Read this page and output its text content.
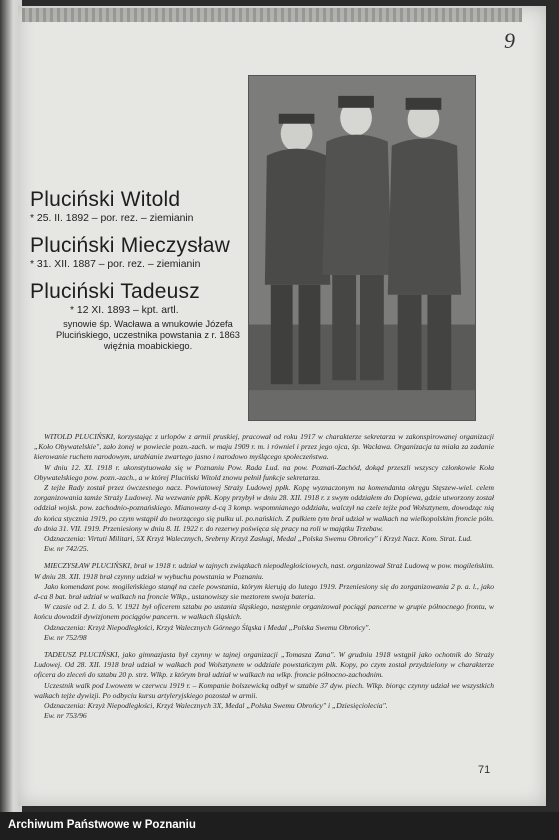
9
Pluciński Witold
* 25. II. 1892 – por. rez. – ziemianin
Pluciński Mieczysław
* 31. XII. 1887 – por. rez. – ziemianin
Pluciński Tadeusz
* 12 XI. 1893 – kpt. artl.
synowie śp. Wacława a wnukowie Józefa Plucińskiego, uczestnika powstania z r. 1863 więźnia moabickiego.

WITOLD PLUCIŃSKI, korzystając z urlopów z armii pruskiej, pracował od roku 1917 w charakterze sekretarza w zakonspirowanej organizacji „Koło Obywatelskie", zało żonej w powiecie pozn.-zach. w maju 1909 r. m. i równiel i przez jego ojca, śp. Wacława. Organizacja ta miała za zadanie kierowanie ruchem narodowym, urabianie zwartego jasno i narodowo myślącego społeczeństwa.

W dniu 12. XI. 1918 r. ukonstytuowała się w Poznaniu Pow. Rada Lud. na pow. Poznań-Zachód, dokąd przeszli wszyscy członkowie Koła Obywatelskiego pow. pozn.-zach., a w której Pluciński Witold znowu pełnił funkcje sekretarza.

Z tejże Rady został przez ówczesnego nacz. Powiatowej Straży Ludowej ppłk. Kopę wyznaczonym na komendanta okręgu Stęszew-wiel. celem zorganizowania tamże Straży Ludowej. Na wezwanie ppłk. Kopy przybył w dniu 28. XII. 1918 r. z swym oddziałem do Dopiewa, gdzie utworzony został oddział wojsk. pow. zachodnio-poznańskiego. Mianowany d-cą 3 komp. wspomnianego oddziału, walczył na czele tejże pod Wolsztynem, dowodząc nią do końca stycznia 1919, po czym wstąpił do tworzącego się pułku ul. po.nańskich. Z pułkiem tym brał udział w walkach na wielkopolskim froncie półn. do dnia 31. VII. 1919. Przeniesiony w dniu 8. II. 1922 r. do rezerwy poświęca się pracy na roli w majątku Trzebaw.

Odznaczenia: Virtuti Militari, 5X Krzyż Walecznych, Srebrny Krzyż Zasługi, Medal „Polska Swemu Obrońcy" i Krzyż Nacz. Kom. Strat. Lud.

Ew. nr 742/25.

MIECZYSŁAW PLUCIŃSKI, brał w 1918 r. udział w tajnych związkach niepodległościowych, nast. organizował Straż Ludową w pow. mogileńskim. W dniu 28. XII. 1918 brał czynny udział w wybuchu powstania w Poznaniu.

Jako komendant pow. mogileńskiego stanął na czele powstania, którym kierują do lutego 1919. Przeniesiony się do zorganizowania 2 p. a. l., jako d-ca 8 bat. brał udział w walkach na froncie Wlkp., ustanowiszy sie meztorem swoja bateria.

W czasie od 2. I. do 5. V. 1921 był oficerem sztabu po ustania śląskiego, następnie organizował pociągi pancerne w grupie północnego frontu, w końcu dowodził dywizjonem pociągów pancern. w walkach śląskich.

Odznaczenia: Krzyż Niepodległości, Krzyż Walecznych Górnego Śląska i Medal „Polska Swemu Obrońcy".

Ew. nr 752/98

TADEUSZ PLUCIŃSKI, jako gimnazjasta był czynny w tajnej organizacji „Tomasza Zana". W grudniu 1918 wstąpił jako ochotnik do Straży Ludowej. Od 28. XII. 1918 brał udział w walkach pod Wolsztynem w oddziale powstańczym plk. Kopy, po czym został przydzielony w charakterze oficera do zleceń do sztabu 20 p. strz. Wlkp. z którym brał udział w walkach na wlkp. froncie północno-zachodnim.

Uczestnik walk pod Lwowem w czerwcu 1919 r. – Kompanie bolszewicką odbył w sztabie 37 dyw. piech. Wlkp. biorąc czynny udział we wszystkich walkach tejże dywizji. Po odbyciu kursu artyleryjskiego pozostał w armii.

Odznaczenia: Krzyż Niepodległości, Krzyż Walecznych 3X, Medal „Polska Swemu Obrońcy" i „Dziesięciolecia".

Ew. nr 753/96

71
Archiwum Państwowe w Poznaniu
